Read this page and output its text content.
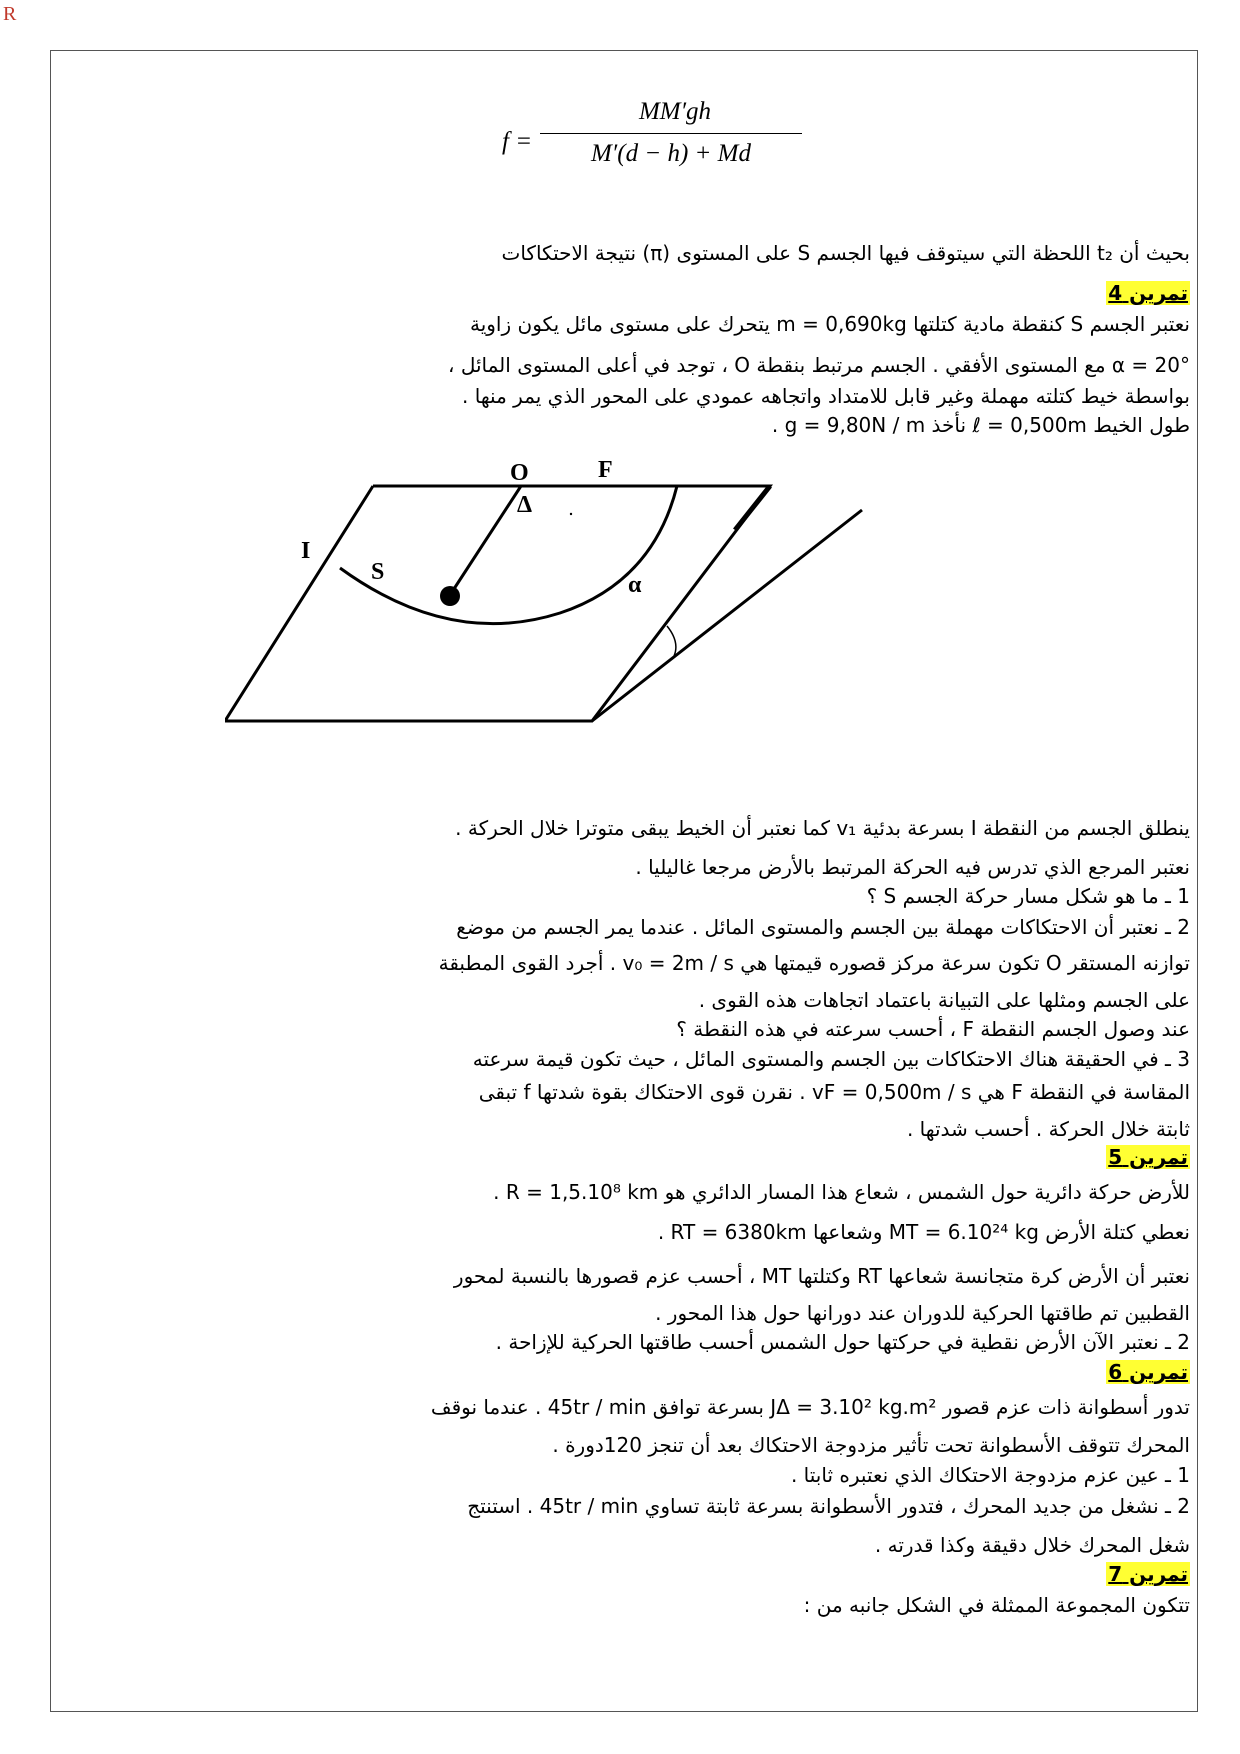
R
f =
MM′gh
M′(d − h) + Md
بحيث أن t₂ اللحظة التي سيتوقف فيها الجسم S على المستوى (π) نتيجة الاحتكاكات
تمرين 4
نعتبر الجسم S كنقطة مادية كتلتها m = 0,690kg يتحرك على مستوى مائل يكون زاوية
α = 20° مع المستوى الأفقي . الجسم مرتبط بنقطة O ، توجد في أعلى المستوى المائل ،
بواسطة خيط كتلته مهملة وغير قابل للامتداد واتجاهه عمودي على المحور الذي يمر منها .
طول الخيط ℓ = 0,500m نأخذ g = 9,80N / m .
ينطلق الجسم من النقطة I بسرعة بدئية v₁ كما نعتبر أن الخيط يبقى متوترا خلال الحركة .
نعتبر المرجع الذي تدرس فيه الحركة المرتبط بالأرض مرجعا غاليليا .
1 ـ ما هو شكل مسار حركة الجسم S ؟
2 ـ نعتبر أن الاحتكاكات مهملة بين الجسم والمستوى المائل . عندما يمر الجسم من موضع
توازنه المستقر O تكون سرعة مركز قصوره قيمتها هي v₀ = 2m / s . أجرد القوى المطبقة
على الجسم ومثلها على التبيانة باعتماد اتجاهات هذه القوى .
عند وصول الجسم النقطة F ، أحسب سرعته في هذه النقطة ؟
3 ـ في الحقيقة هناك الاحتكاكات بين الجسم والمستوى المائل ، حيث تكون قيمة سرعته
المقاسة في النقطة F هي vF = 0,500m / s . نقرن قوى الاحتكاك بقوة شدتها f تبقى
ثابتة خلال الحركة . أحسب شدتها .
تمرين 5
للأرض حركة دائرية حول الشمس ، شعاع هذا المسار الدائري هو R = 1,5.10⁸ km .
نعطي كتلة الأرض MT = 6.10²⁴ kg وشعاعها RT = 6380km .
نعتبر أن الأرض كرة متجانسة شعاعها RT وكتلتها MT ، أحسب عزم قصورها بالنسبة لمحور
القطبين تم طاقتها الحركية للدوران عند دورانها حول هذا المحور .
2 ـ نعتبر الآن الأرض نقطية في حركتها حول الشمس أحسب طاقتها الحركية للإزاحة .
تمرين 6
تدور أسطوانة ذات عزم قصور JΔ = 3.10² kg.m² بسرعة توافق 45tr / min . عندما نوقف
المحرك تتوقف الأسطوانة تحت تأثير مزدوجة الاحتكاك بعد أن تنجز 120دورة .
1 ـ عين عزم مزدوجة الاحتكاك الذي نعتبره ثابتا .
2 ـ نشغل من جديد المحرك ، فتدور الأسطوانة بسرعة ثابتة تساوي 45tr / min . استنتج
شغل المحرك خلال دقيقة وكذا قدرته .
تمرين 7
تتكون المجموعة الممثلة في الشكل جانبه من :
O	F
Δ
I
S	α
